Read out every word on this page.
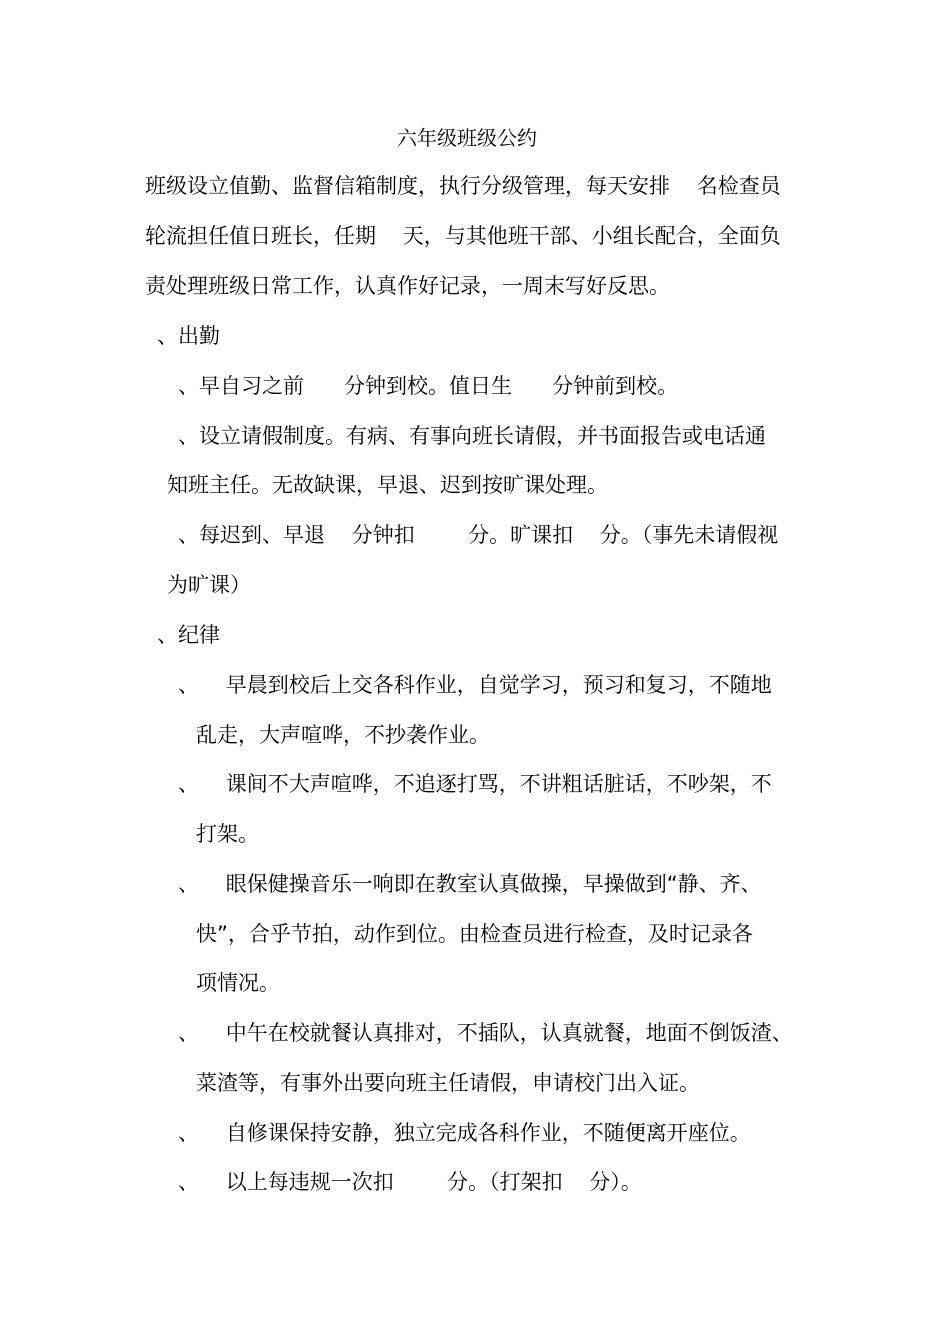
六年级班级公约
班级设立值勤、监督信箱制度，执行分级管理，每天安排    名检查员
轮流担任值日班长，任期    天，与其他班干部、小组长配合，全面负
责处理班级日常工作，认真作好记录，一周末写好反思。
、出勤
、早自习之前      分钟到校。值日生      分钟前到校。
、设立请假制度。有病、有事向班长请假，并书面报告或电话通
知班主任。无故缺课，早退、迟到按旷课处理。
、每迟到、早退    分钟扣        分。旷课扣    分。（事先未请假视
为旷课）
、纪律
、    早晨到校后上交各科作业，自觉学习，预习和复习，不随地
乱走，大声喧哗，不抄袭作业。
、    课间不大声喧哗，不追逐打骂，不讲粗话脏话，不吵架，不
打架。
、    眼保健操音乐一响即在教室认真做操，早操做到“静、齐、
快”，合乎节拍，动作到位。由检查员进行检查，及时记录各
项情况。
、    中午在校就餐认真排对，不插队，认真就餐，地面不倒饭渣、
菜渣等，有事外出要向班主任请假，申请校门出入证。
、    自修课保持安静，独立完成各科作业，不随便离开座位。
、    以上每违规一次扣        分。（打架扣    分）。
